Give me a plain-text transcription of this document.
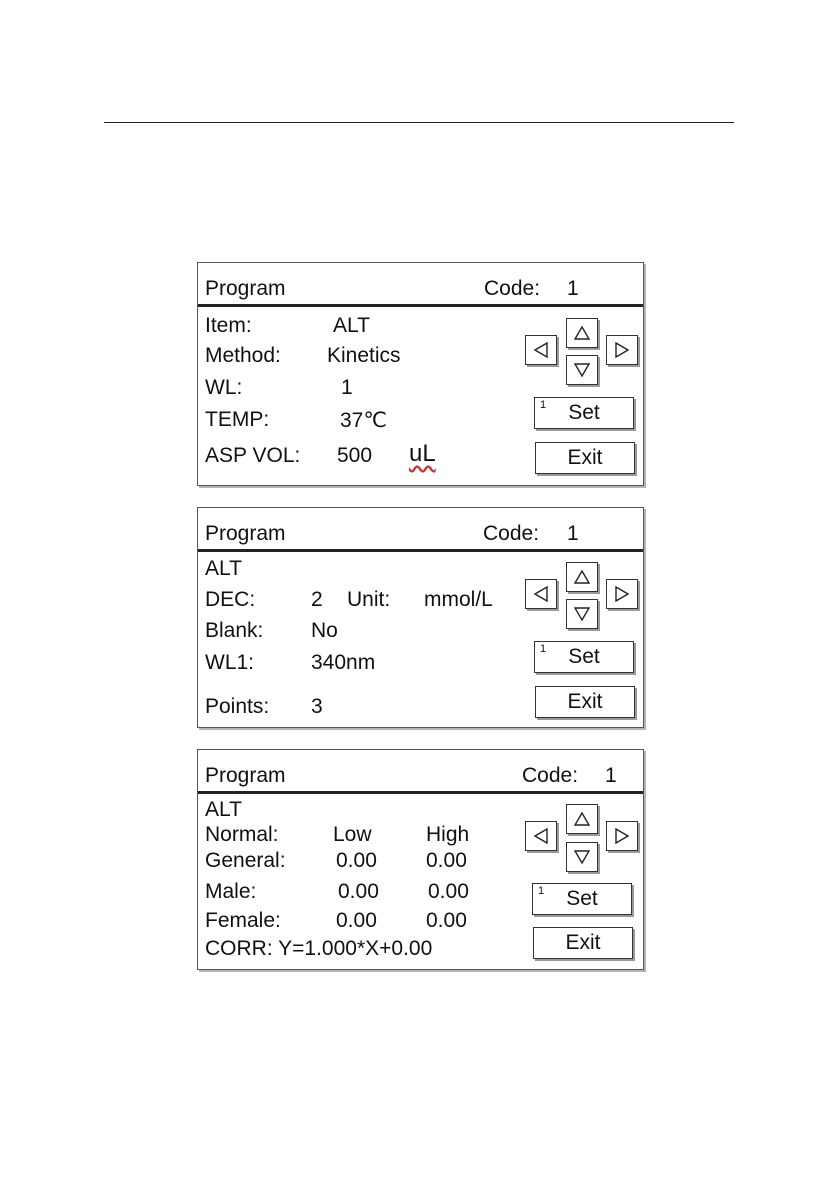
Program	Code: 1
Item:	ALT
Method: Kinetics
WL:	1
TEMP:	37℃
ASP VOL: 500 uL
1	Set
Exit
Program	Code: 1
ALT
DEC:	2 Unit: mmol/L
Blank: No
WL1:	340nm
Points: 3
1	Set
Exit
Program	Code: 1
ALT
Normal:	Low	High
General: 0.00 0.00
Male:	0.00 0.00
Female:	0.00 0.00
CORR: Y=1.000*X+0.00
1	Set
Exit
